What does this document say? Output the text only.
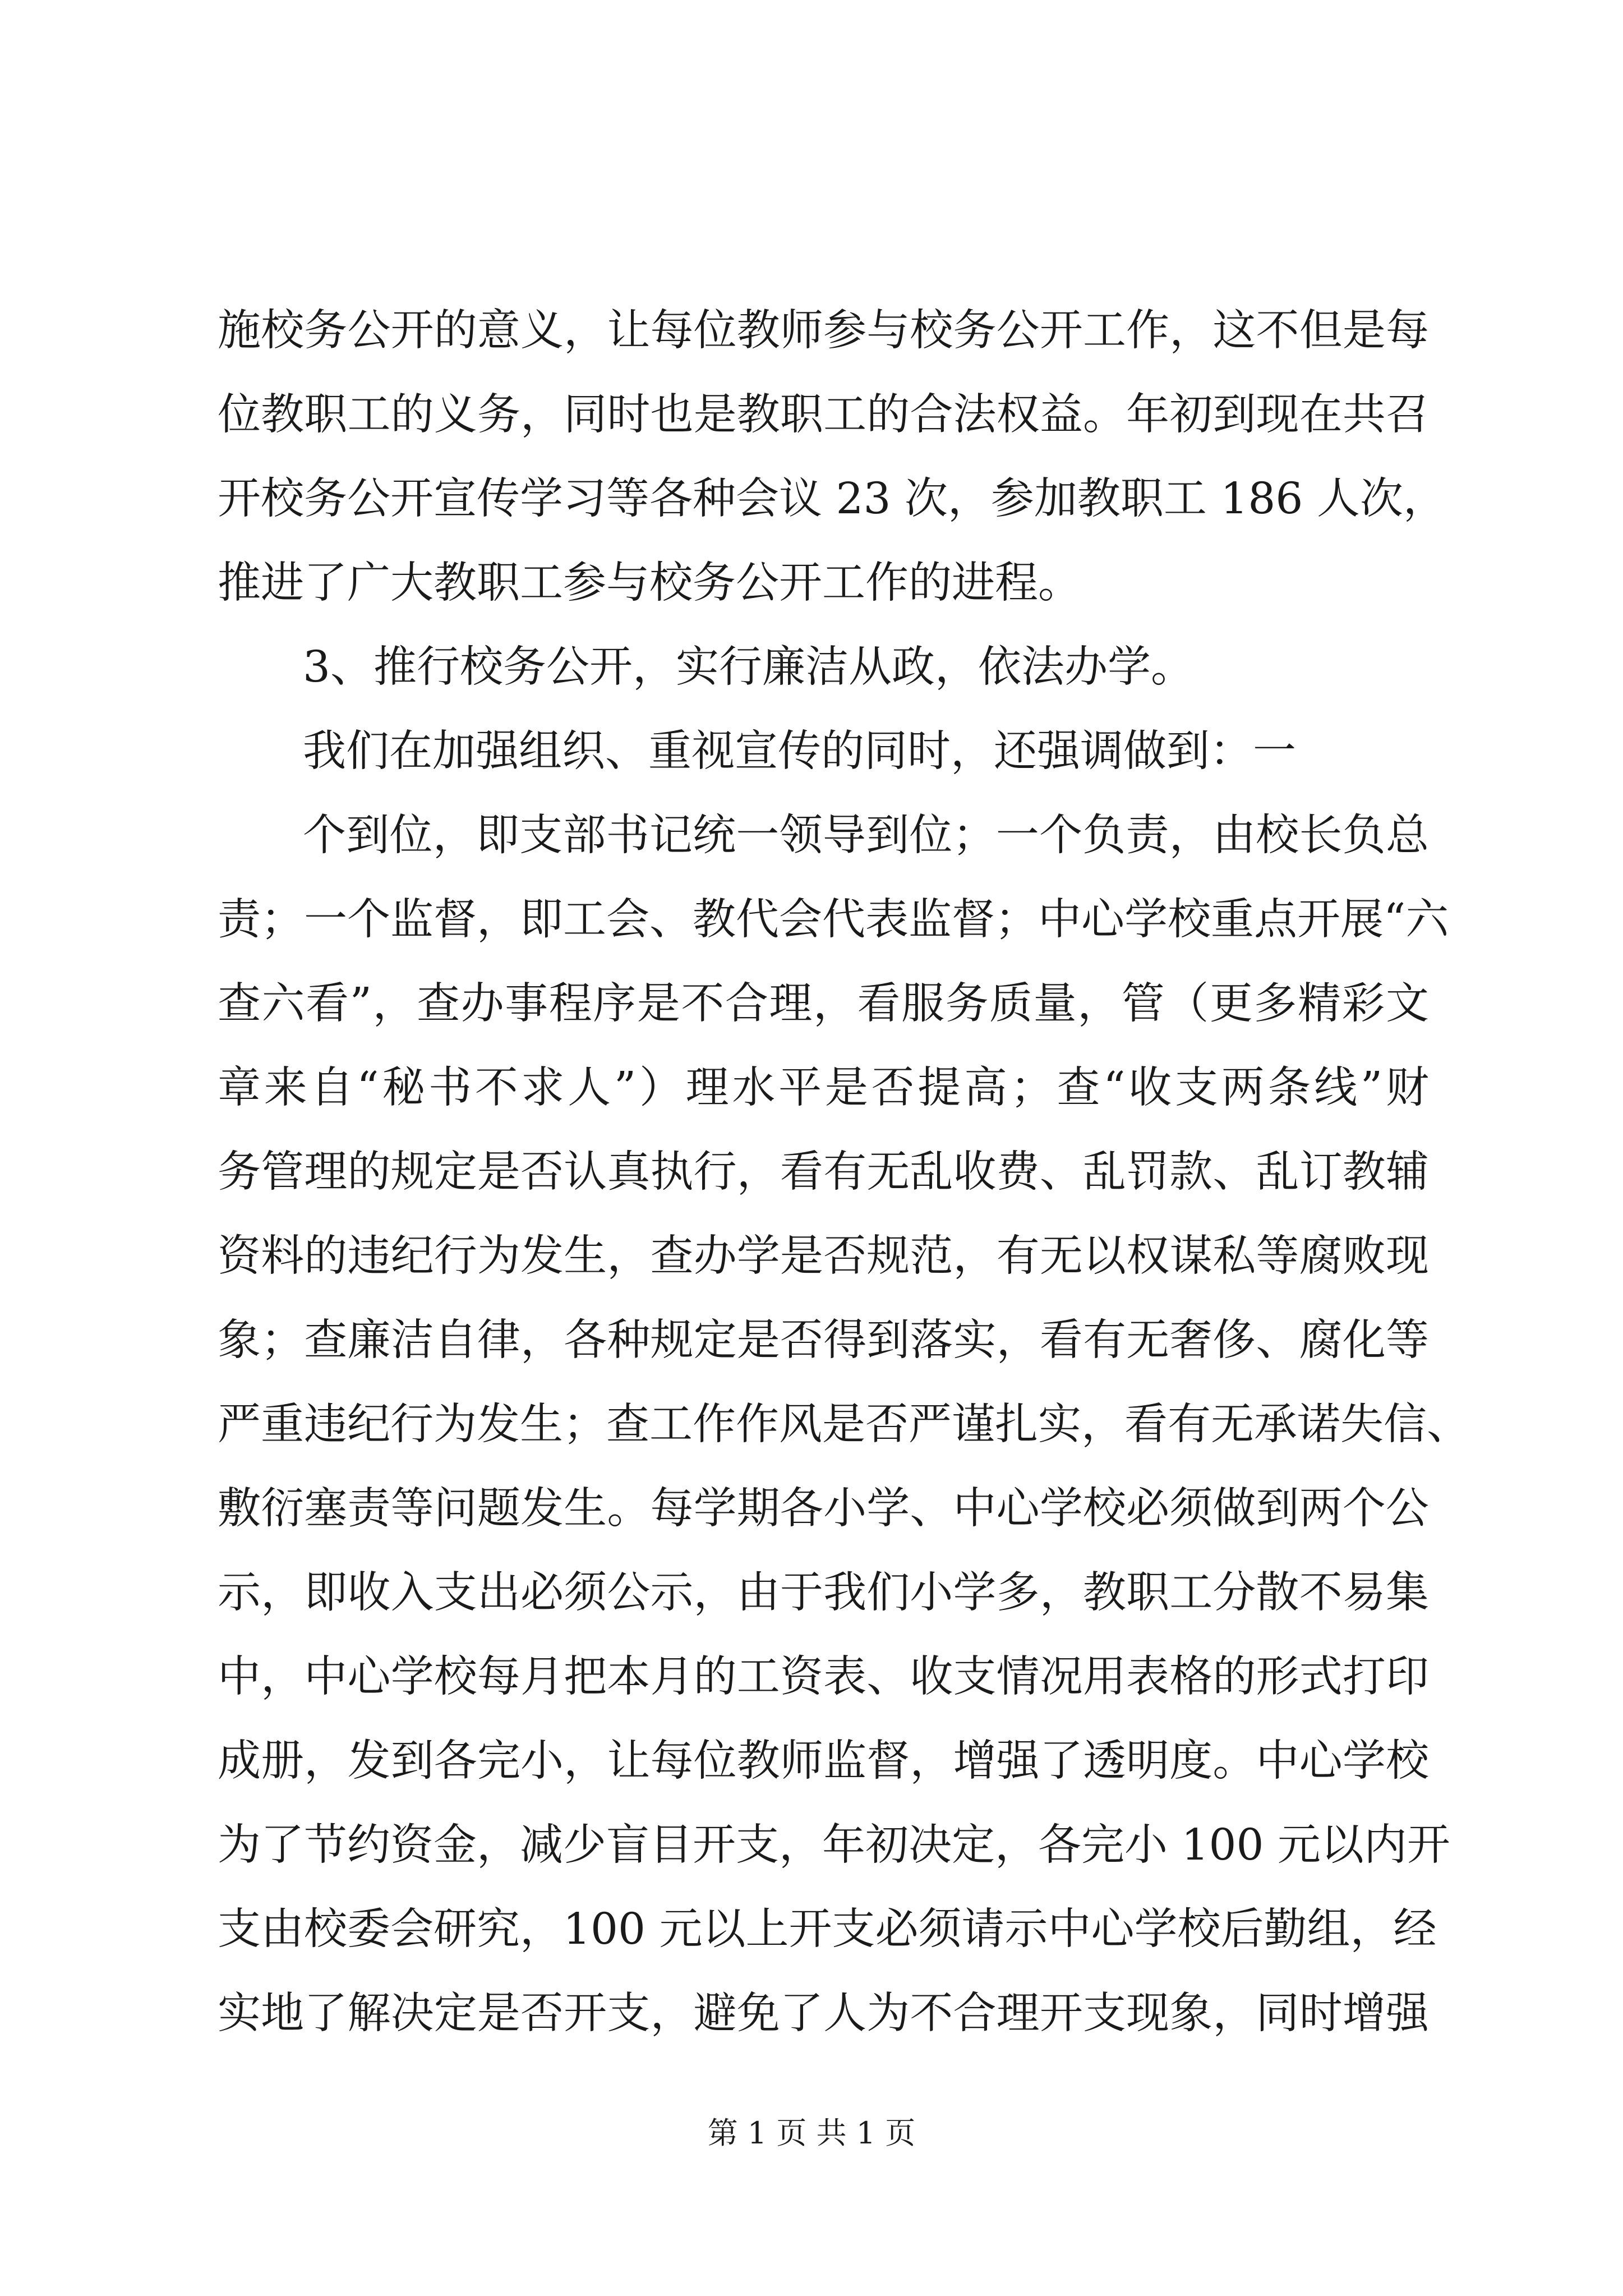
施校务公开的意义，让每位教师参与校务公开工作，这不但是每
位教职工的义务，同时也是教职工的合法权益。年初到现在共召
开校务公开宣传学习等各种会议 23 次，参加教职工 186 人次，
推进了广大教职工参与校务公开工作的进程。
3、推行校务公开，实行廉洁从政，依法办学。
我们在加强组织、重视宣传的同时，还强调做到：一
个到位，即支部书记统一领导到位；一个负责，由校长负总
责；一个监督，即工会、教代会代表监督；中心学校重点开展“六
查六看”，查办事程序是不合理，看服务质量，管（更多精彩文
章来自“秘书不求人”）理水平是否提高；查“收支两条线”财
务管理的规定是否认真执行，看有无乱收费、乱罚款、乱订教辅
资料的违纪行为发生，查办学是否规范，有无以权谋私等腐败现
象；查廉洁自律，各种规定是否得到落实，看有无奢侈、腐化等
严重违纪行为发生；查工作作风是否严谨扎实，看有无承诺失信、
敷衍塞责等问题发生。每学期各小学、中心学校必须做到两个公
示，即收入支出必须公示，由于我们小学多，教职工分散不易集
中，中心学校每月把本月的工资表、收支情况用表格的形式打印
成册，发到各完小，让每位教师监督，增强了透明度。中心学校
为了节约资金，减少盲目开支，年初决定，各完小 100 元以内开
支由校委会研究，100 元以上开支必须请示中心学校后勤组，经
实地了解决定是否开支，避免了人为不合理开支现象，同时增强
第 1 页 共 1 页
